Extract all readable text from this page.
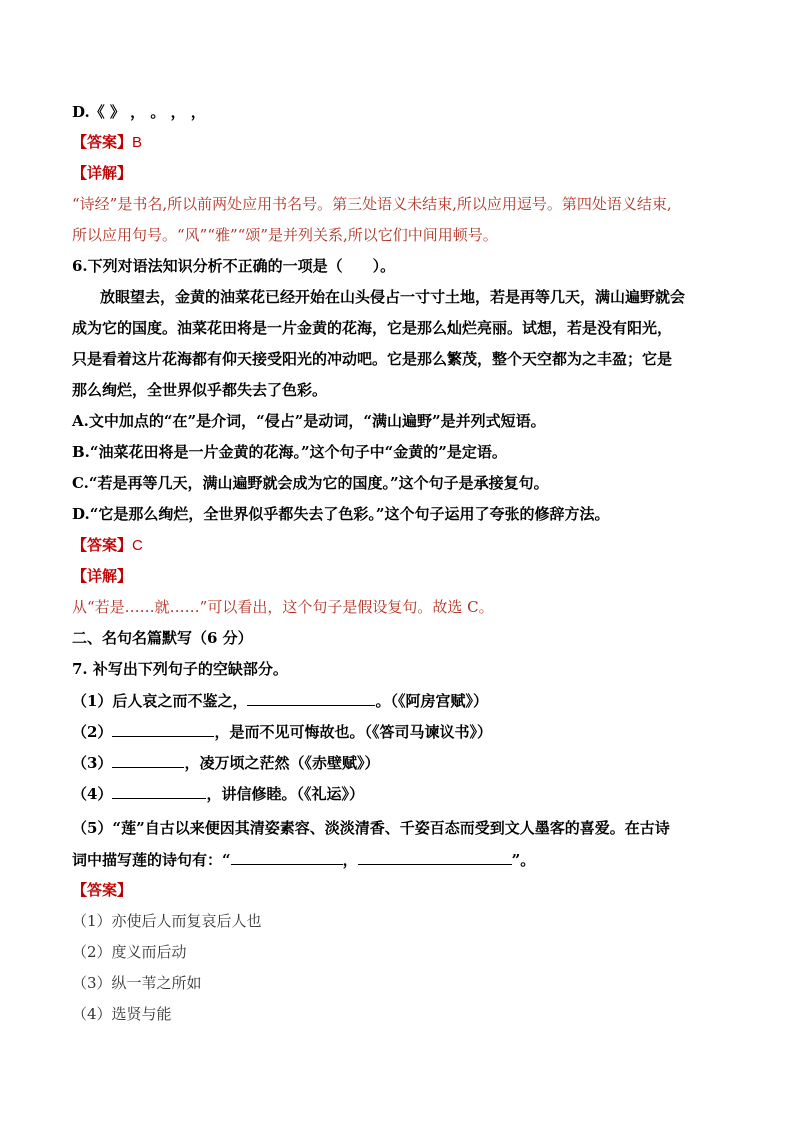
D.《 》 ， 。 ， ，
【答案】B
【详解】
“诗经”是书名,所以前两处应用书名号。第三处语义未结束,所以应用逗号。第四处语义结束,
所以应用句号。“风”“雅”“颂”是并列关系,所以它们中间用顿号。
6.下列对语法知识分析不正确的一项是（　　）。
放眼望去，金黄的油菜花已经开始在山头侵占一寸寸土地，若是再等几天，满山遍野就会
成为它的国度。油菜花田将是一片金黄的花海，它是那么灿烂亮丽。试想，若是没有阳光，
只是看着这片花海都有仰天接受阳光的冲动吧。它是那么繁茂，整个天空都为之丰盈；它是
那么绚烂，全世界似乎都失去了色彩。
A.文中加点的“在”是介词，“侵占”是动词，“满山遍野”是并列式短语。
B.“油菜花田将是一片金黄的花海。”这个句子中“金黄的”是定语。
C.“若是再等几天，满山遍野就会成为它的国度。”这个句子是承接复句。
D.“它是那么绚烂，全世界似乎都失去了色彩。”这个句子运用了夸张的修辞方法。
【答案】C
【详解】
从“若是……就……”可以看出，这个句子是假设复句。故选 C。
二、名句名篇默写（6 分）
7. 补写出下列句子的空缺部分。
（1）后人哀之而不鉴之，	。（《阿房宫赋》）
（2）	，是而不见可悔故也。（《答司马谏议书》）
（3）	，凌万顷之茫然（《赤壁赋》）
（4）	，讲信修睦。（《礼运》）
（5）“莲”自古以来便因其清姿素容、淡淡清香、千姿百态而受到文人墨客的喜爱。在古诗
词中描写莲的诗句有：“	，	”。
【答案】
（1）亦使后人而复哀后人也
（2）度义而后动
（3）纵一苇之所如
（4）选贤与能
